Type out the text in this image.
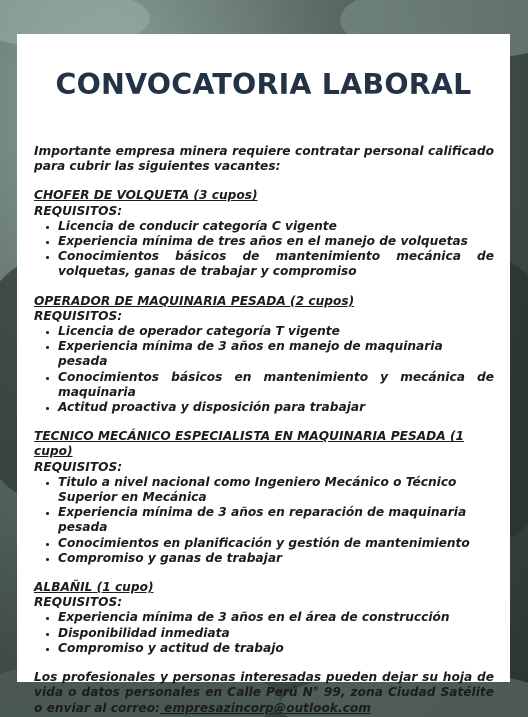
CONVOCATORIA LABORAL

Importante empresa minera requiere contratar personal calificado para cubrir las siguientes vacantes:

CHOFER DE VOLQUETA (3 cupos)

REQUISITOS:

• Licencia de conducir categoría C vigente
• Experiencia mínima de tres años en el manejo de volquetas
• Conocimientos básicos de mantenimiento mecánica de volquetas, ganas de trabajar y compromiso

OPERADOR DE MAQUINARIA PESADA (2 cupos)

REQUISITOS:

• Licencia de operador categoría T vigente
• Experiencia mínima de 3 años en manejo de maquinaria pesada
• Conocimientos básicos en mantenimiento y mecánica de maquinaria
• Actitud proactiva y disposición para trabajar

TECNICO MECÁNICO ESPECIALISTA EN MAQUINARIA PESADA (1 cupo)

REQUISITOS:

• Titulo a nivel nacional como Ingeniero Mecánico o Técnico Superior en Mecánica
• Experiencia mínima de 3 años en reparación de maquinaria pesada
• Conocimientos en planificación y gestión de mantenimiento
• Compromiso y ganas de trabajar

ALBAÑIL (1 cupo)

REQUISITOS:

• Experiencia mínima de 3 años en el área de construcción
• Disponibilidad inmediata
• Compromiso y actitud de trabajo

Los profesionales y personas interesadas pueden dejar su hoja de vida o datos personales en Calle Perú N° 99, zona Ciudad Satélite o enviar al correo: empresazincorp@outlook.com
